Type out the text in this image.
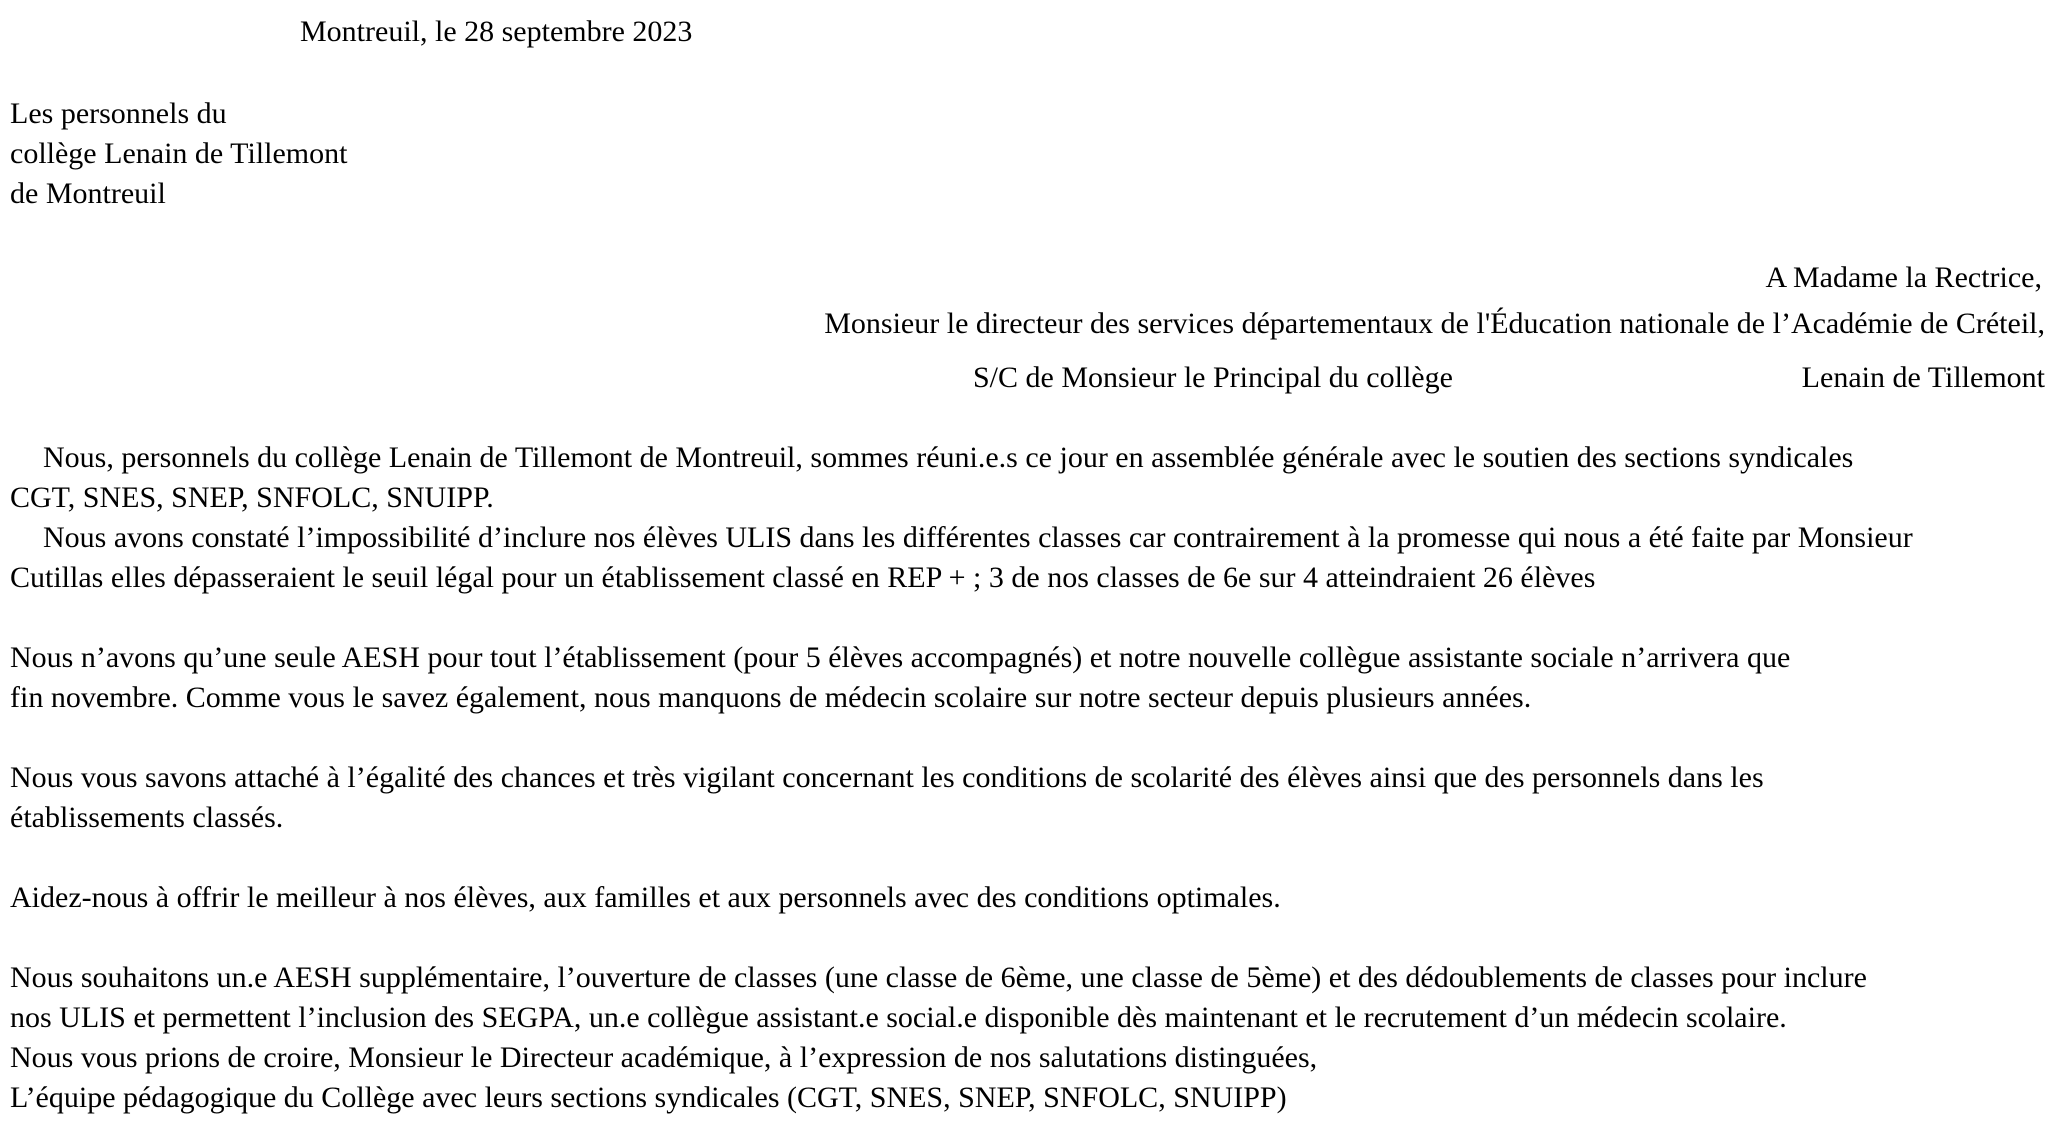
Montreuil, le 28 septembre 2023
Les personnels du
collège Lenain de Tillemont
de Montreuil
A Madame la Rectrice,
Monsieur le directeur des services départementaux de l'Éducation nationale de l’Académie de Créteil,
S/C de Monsieur le Principal du collège	Lenain de Tillemont
Nous, personnels du collège Lenain de Tillemont de Montreuil, sommes réuni.e.s ce jour en assemblée générale avec le soutien des sections syndicales
CGT, SNES, SNEP, SNFOLC, SNUIPP.
Nous avons constaté l’impossibilité d’inclure nos élèves ULIS dans les différentes classes car contrairement à la promesse qui nous a été faite par Monsieur
Cutillas elles dépasseraient le seuil légal pour un établissement classé en REP + ; 3 de nos classes de 6e sur 4 atteindraient 26 élèves
Nous n’avons qu’une seule AESH pour tout l’établissement (pour 5 élèves accompagnés) et notre nouvelle collègue assistante sociale n’arrivera que
fin novembre. Comme vous le savez également, nous manquons de médecin scolaire sur notre secteur depuis plusieurs années.
Nous vous savons attaché à l’égalité des chances et très vigilant concernant les conditions de scolarité des élèves ainsi que des personnels dans les
établissements classés.
Aidez-nous à offrir le meilleur à nos élèves, aux familles et aux personnels avec des conditions optimales.
Nous souhaitons un.e AESH supplémentaire, l’ouverture de classes (une classe de 6ème, une classe de 5ème) et des dédoublements de classes pour inclure
nos ULIS et permettent l’inclusion des SEGPA, un.e collègue assistant.e social.e disponible dès maintenant et le recrutement d’un médecin scolaire.
Nous vous prions de croire, Monsieur le Directeur académique, à l’expression de nos salutations distinguées,
L’équipe pédagogique du Collège avec leurs sections syndicales (CGT, SNES, SNEP, SNFOLC, SNUIPP)
